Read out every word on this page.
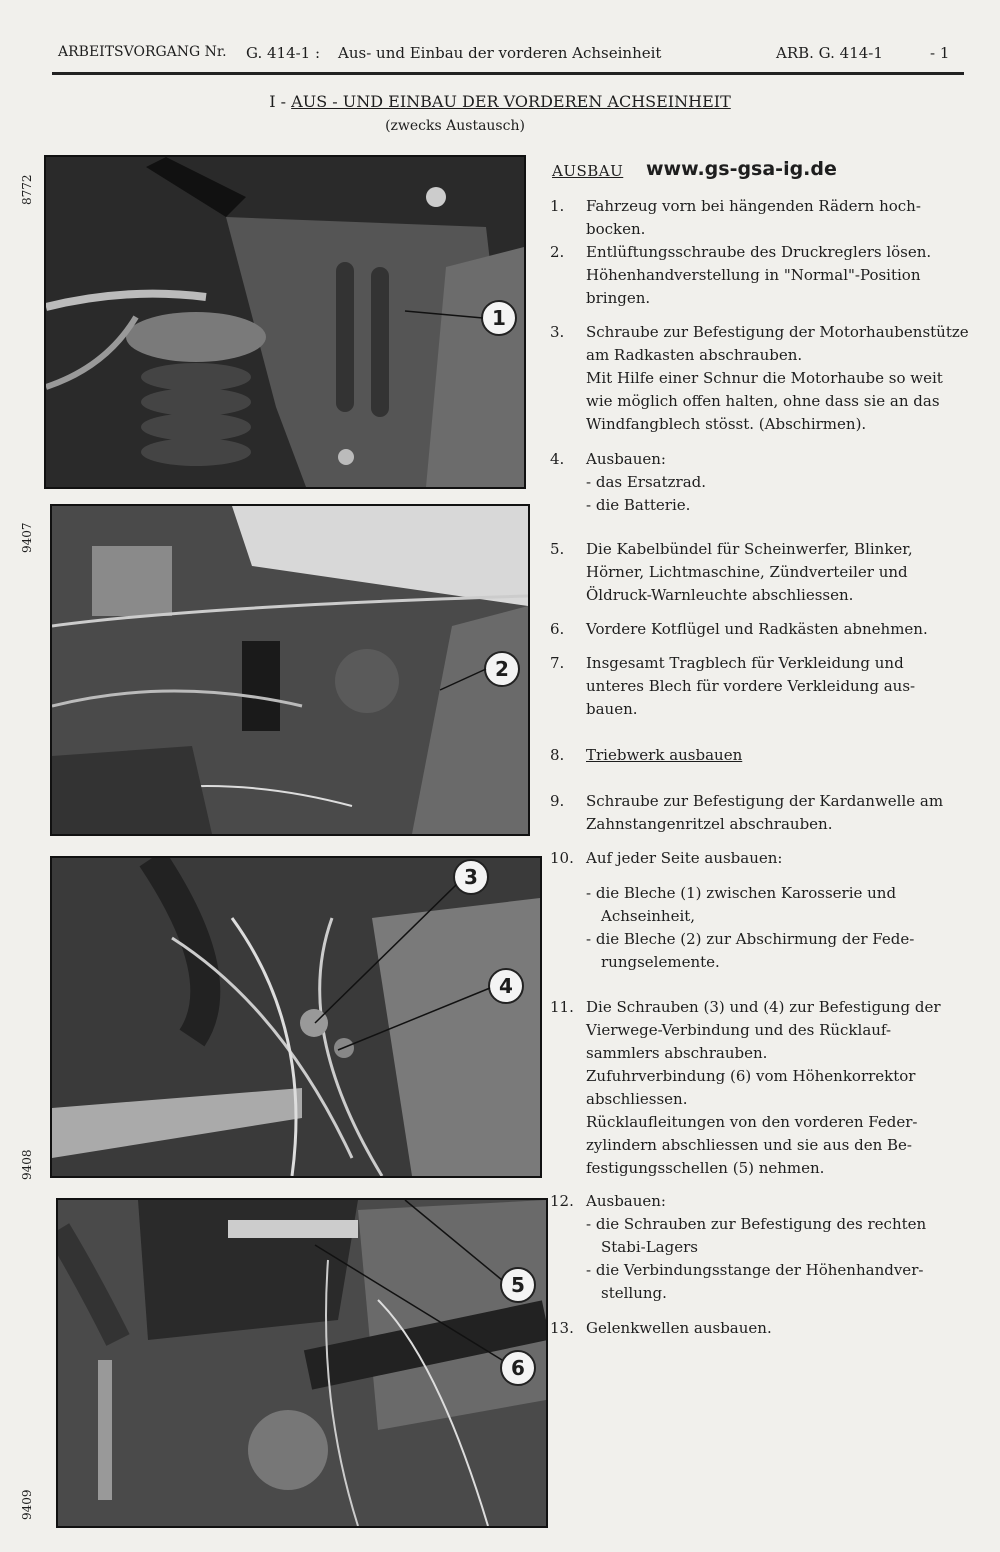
ARBEITSVORGANG Nr. G. 414-1 : Aus- und Einbau der vorderen Achseinheit	ARB. G. 414-1	- 1
I - AUS - UND EINBAU DER VORDEREN ACHSEINHEIT
(zwecks Austausch)
8772
1
9407
2
9408
3
4
9409
5
6
AUSBAU www.gs-gsa-ig.de
1. Fahrzeug vorn bei hängenden Rädern hoch-
bocken.
2. Entlüftungsschraube des Druckreglers lösen.
Höhenhandverstellung in "Normal"-Position
bringen.
3. Schraube zur Befestigung der Motorhaubenstütze
am Radkasten abschrauben.
Mit Hilfe einer Schnur die Motorhaube so weit
wie möglich offen halten, ohne dass sie an das
Windfangblech stösst. (Abschirmen).
4. Ausbauen:
- das Ersatzrad.
- die Batterie.
5. Die Kabelbündel für Scheinwerfer, Blinker,
Hörner, Lichtmaschine, Zündverteiler und
Öldruck-Warnleuchte abschliessen.
6. Vordere Kotflügel und Radkästen abnehmen.
7. Insgesamt Tragblech für Verkleidung und
unteres Blech für vordere Verkleidung aus-
bauen.
8. Triebwerk ausbauen
9. Schraube zur Befestigung der Kardanwelle am
Zahnstangenritzel abschrauben.
10. Auf jeder Seite ausbauen:
- die Bleche (1) zwischen Karosserie und
Achseinheit,
- die Bleche (2) zur Abschirmung der Fede-
rungselemente.
11. Die Schrauben (3) und (4) zur Befestigung der
Vierwege-Verbindung und des Rücklauf-
sammlers abschrauben.
Zufuhrverbindung (6) vom Höhenkorrektor
abschliessen.
Rücklaufleitungen von den vorderen Feder-
zylindern abschliessen und sie aus den Be-
festigungsschellen (5) nehmen.
12. Ausbauen:
- die Schrauben zur Befestigung des rechten
Stabi-Lagers
- die Verbindungsstange der Höhenhandver-
stellung.
13. Gelenkwellen ausbauen.
